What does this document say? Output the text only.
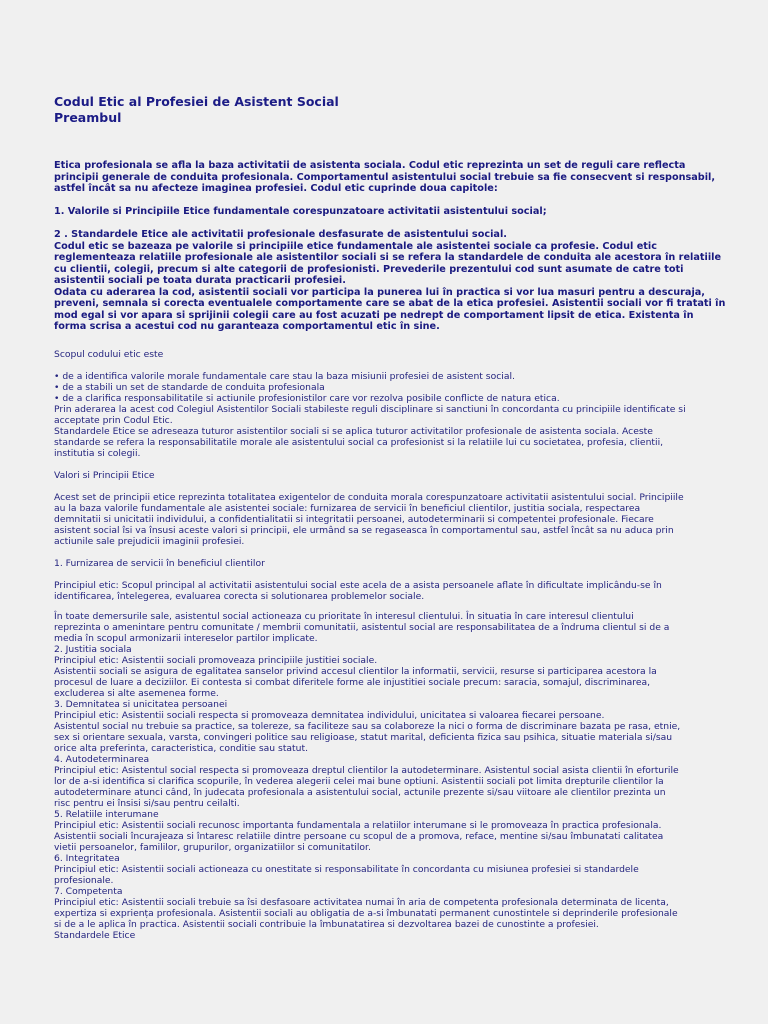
Codul Etic al Profesiei de Asistent Social

Preambul

Etica profesionala se afla la baza activitatii de asistenta sociala. Codul etic reprezinta un set de reguli care reflecta

principii generale de conduita profesionala. Comportamentul asistentului social trebuie sa fie consecvent si responsabil,

astfel încât sa nu afecteze imaginea profesiei. Codul etic cuprinde doua capitole:

1. Valorile si Principiile Etice fundamentale corespunzatoare activitatii asistentului social;

2 . Standardele Etice ale activitatii profesionale desfasurate de asistentului social.

Codul etic se bazeaza pe valorile si principiile etice fundamentale ale asistentei sociale ca profesie. Codul etic

reglementeaza relatiile profesionale ale asistentilor sociali si se refera la standardele de conduita ale acestora în relatiile

cu clientii, colegii, precum si alte categorii de profesionisti. Prevederile prezentului cod sunt asumate de catre toti

asistentii sociali pe toata durata practicarii profesiei.

Odata cu aderarea la cod, asistentii sociali vor participa la punerea lui în practica si vor lua masuri pentru a descuraja,

preveni, semnala si corecta eventualele comportamente care se abat de la etica profesiei. Asistentii sociali vor fi tratati în

mod egal si vor apara si sprijinii colegii care au fost acuzati pe nedrept de comportament lipsit de etica. Existenta în

forma scrisa a acestui cod nu garanteaza comportamentul etic în sine.

Scopul codului etic este

• de a identifica valorile morale fundamentale care stau la baza misiunii profesiei de asistent social.

• de a stabili un set de standarde de conduita profesionala

• de a clarifica responsabilitatile si actiunile profesionistilor care vor rezolva posibile conflicte de natura etica.

Prin aderarea la acest cod Colegiul Asistentilor Sociali stabileste reguli disciplinare si sanctiuni în concordanta cu principiile identificate si

acceptate prin Codul Etic.

Standardele Etice se adreseaza tuturor asistentilor sociali si se aplica tuturor activitatilor profesionale de asistenta sociala. Aceste

standarde se refera la responsabilitatile morale ale asistentului social ca profesionist si la relatiile lui cu societatea, profesia, clientii,

institutia si colegii.

Valori si Principii Etice

Acest set de principii etice reprezinta totalitatea exigentelor de conduita morala corespunzatoare activitatii asistentului social. Principiile

au la baza valorile fundamentale ale asistentei sociale: furnizarea de servicii în beneficiul clientilor, justitia sociala, respectarea

demnitatii si unicitatii individului, a confidentialitatii si integritatii persoanei, autodeterminarii si competentei profesionale. Fiecare

asistent social îsi va însusi aceste valori si principii, ele urmând sa se regaseasca în comportamentul sau, astfel încât sa nu aduca prin

actiunile sale prejudicii imaginii profesiei.

1. Furnizarea de servicii în beneficiul clientilor

Principiul etic: Scopul principal al activitatii asistentului social este acela de a asista persoanele aflate în dificultate implicându-se în

identificarea, întelegerea, evaluarea corecta si solutionarea problemelor sociale.

În toate demersurile sale, asistentul social actioneaza cu prioritate în interesul clientului. În situatia în care interesul clientului

reprezinta o amenintare pentru comunitate / membrii comunitatii, asistentul social are responsabilitatea de a îndruma clientul si de a

media în scopul armonizarii intereselor partilor implicate.

2. Justitia sociala

Principiul etic: Asistentii sociali promoveaza principiile justitiei sociale.

Asistentii sociali se asigura de egalitatea sanselor privind accesul clientilor la informatii, servicii, resurse si participarea acestora la

procesul de luare a deciziilor. Ei contesta si combat diferitele forme ale injustitiei sociale precum: saracia, somajul, discriminarea,

excluderea si alte asemenea forme.

3. Demnitatea si unicitatea persoanei

Principiul etic: Asistentii sociali respecta si promoveaza demnitatea individului, unicitatea si valoarea fiecarei persoane.

Asistentul social nu trebuie sa practice, sa tolereze, sa faciliteze sau sa colaboreze la nici o forma de discriminare bazata pe rasa, etnie,

sex si orientare sexuala, varsta, convingeri politice sau religioase, statut marital, deficienta fizica sau psihica, situatie materiala si/sau

orice alta preferinta, caracteristica, conditie sau statut.

4. Autodeterminarea

Principiul etic: Asistentul social respecta si promoveaza dreptul clientilor la autodeterminare. Asistentul social asista clientii în eforturile

lor de a-si identifica si clarifica scopurile, în vederea alegerii celei mai bune optiuni. Asistentii sociali pot limita drepturile clientilor la

autodeterminare atunci când, în judecata profesionala a asistentului social, actunile prezente si/sau viitoare ale clientilor prezinta un

risc pentru ei însisi si/sau pentru ceilalti.

5. Relatiile interumane

Principiul etic: Asistentii sociali recunosc importanta fundamentala a relatiilor interumane si le promoveaza în practica profesionala.

Asistentii sociali încurajeaza si întaresc relatiile dintre persoane cu scopul de a promova, reface, mentine si/sau îmbunatati calitatea

vietii persoanelor, famililor, grupurilor, organizatiilor si comunitatilor.

6. Integritatea

Principiul etic: Asistentii sociali actioneaza cu onestitate si responsabilitate în concordanta cu misiunea profesiei si standardele

profesionale.

7. Competenta

Principiul etic: Asistentii sociali trebuie sa îsi desfasoare activitatea numai în aria de competenta profesionala determinata de licenta,

expertiza si expriența profesionala. Asistentii sociali au obligatia de a-si îmbunatati permanent cunostintele si deprinderile profesionale

si de a le aplica în practica. Asistentii sociali contribuie la îmbunatatirea si dezvoltarea bazei de cunostinte a profesiei.

Standardele Etice
